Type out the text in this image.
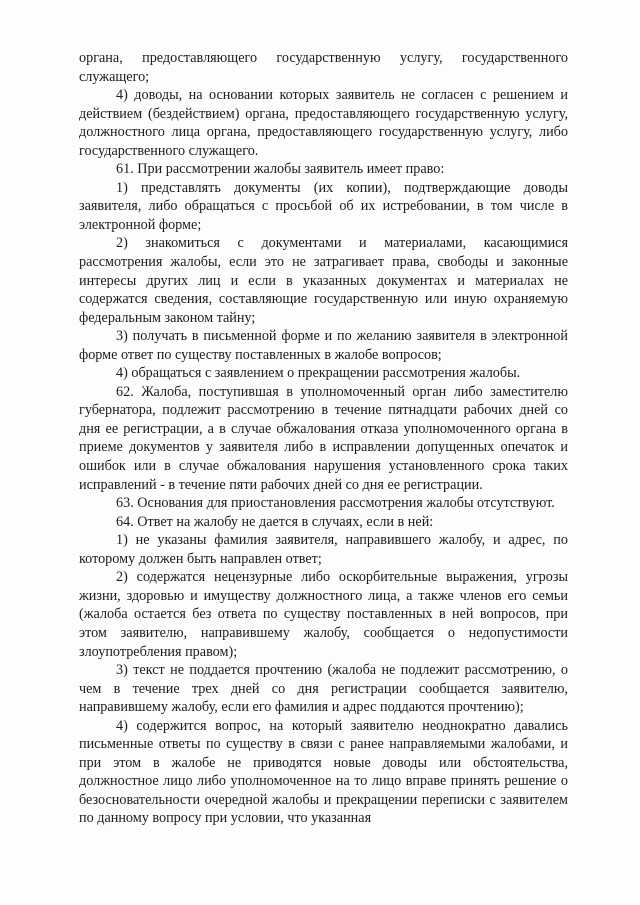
органа, предоставляющего государственную услугу, государственного служащего;

4) доводы, на основании которых заявитель не согласен с решением и действием (бездействием) органа, предоставляющего государственную услугу, должностного лица органа, предоставляющего государственную услугу, либо государственного служащего.

61. При рассмотрении жалобы заявитель имеет право:

1) представлять документы (их копии), подтверждающие доводы заявителя, либо обращаться с просьбой об их истребовании, в том числе в электронной форме;

2) знакомиться с документами и материалами, касающимися рассмотрения жалобы, если это не затрагивает права, свободы и законные интересы других лиц и если в указанных документах и материалах не содержатся сведения, составляющие государственную или иную охраняемую федеральным законом тайну;

3) получать в письменной форме и по желанию заявителя в электронной форме ответ по существу поставленных в жалобе вопросов;

4) обращаться с заявлением о прекращении рассмотрения жалобы.

62. Жалоба, поступившая в уполномоченный орган либо заместителю губернатора, подлежит рассмотрению в течение пятнадцати рабочих дней со дня ее регистрации, а в случае обжалования отказа уполномоченного органа в приеме документов у заявителя либо в исправлении допущенных опечаток и ошибок или в случае обжалования нарушения установленного срока таких исправлений - в течение пяти рабочих дней со дня ее регистрации.

63. Основания для приостановления рассмотрения жалобы отсутствуют.

64. Ответ на жалобу не дается в случаях, если в ней:

1) не указаны фамилия заявителя, направившего жалобу, и адрес, по которому должен быть направлен ответ;

2) содержатся нецензурные либо оскорбительные выражения, угрозы жизни, здоровью и имуществу должностного лица, а также членов его семьи (жалоба остается без ответа по существу поставленных в ней вопросов, при этом заявителю, направившему жалобу, сообщается о недопустимости злоупотребления правом);

3) текст не поддается прочтению (жалоба не подлежит рассмотрению, о чем в течение трех дней со дня регистрации сообщается заявителю, направившему жалобу, если его фамилия и адрес поддаются прочтению);

4) содержится вопрос, на который заявителю неоднократно давались письменные ответы по существу в связи с ранее направляемыми жалобами, и при этом в жалобе не приводятся новые доводы или обстоятельства, должностное лицо либо уполномоченное на то лицо вправе принять решение о безосновательности очередной жалобы и прекращении переписки с заявителем по данному вопросу при условии, что указанная
